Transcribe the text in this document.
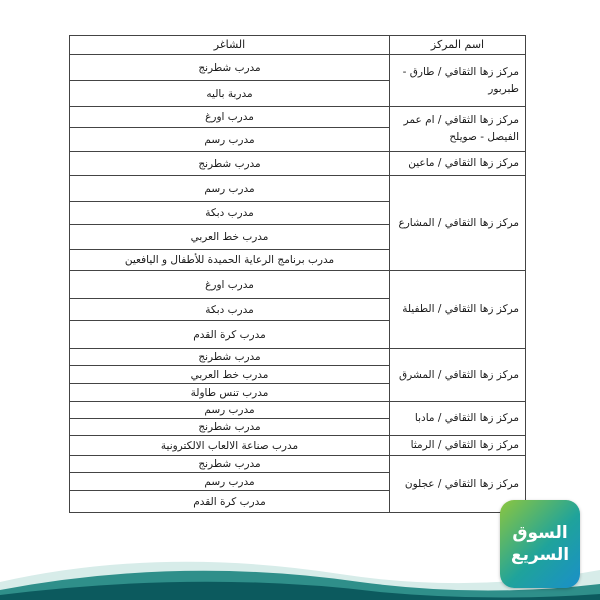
اسم المركز	الشاغر
مركز زها الثقافي / طارق - طبربور	مدرب شطرنج
	مدربة باليه
مركز زها الثقافي / ام عمر الفيصل - صويلح	مدرب اورغ
	مدرب رسم
مركز زها الثقافي / ماعين	مدرب شطرنج
مركز زها الثقافي / المشارع	مدرب رسم
	مدرب دبكة
	مدرب خط العربي
	مدرب برنامج الرعاية الحميدة للأطفال و اليافعين
مركز زها الثقافي / الطفيلة	مدرب اورغ
	مدرب دبكة
	مدرب كرة القدم
مركز زها الثقافي / المشرق	مدرب شطرنج
	مدرب خط العربي
	مدرب تنس طاولة
مركز زها الثقافي / مادبا	مدرب رسم
	مدرب شطرنج
مركز زها الثقافي / الرمثا	مدرب صناعة الالعاب الالكترونية
مركز زها الثقافي / عجلون	مدرب شطرنج
	مدرب رسم
	مدرب كرة القدم
السوق
السريع
